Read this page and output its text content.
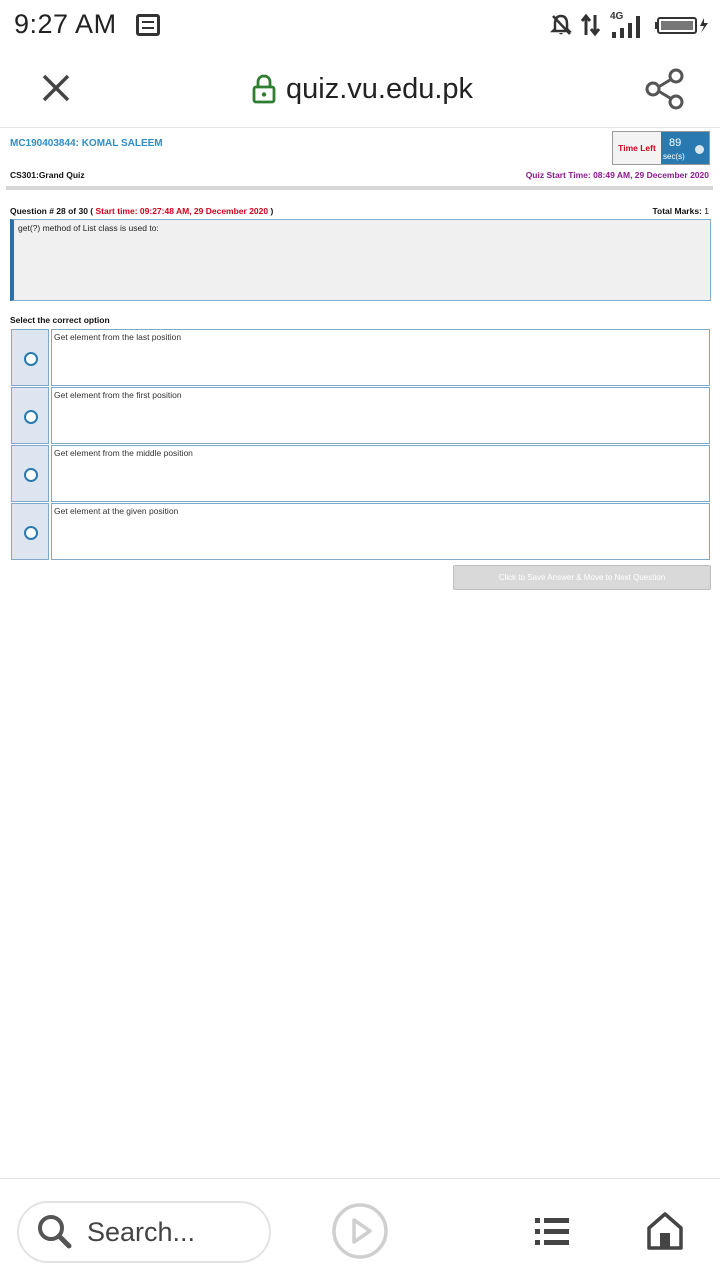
9:27 AM	4G
quiz.vu.edu.pk
MC190403844: KOMAL SALEEM	Time Left	89
sec(s)
CS301:Grand Quiz	Quiz Start Time: 08:49 AM, 29 December 2020
Question # 28 of 30 ( Start time: 09:27:48 AM, 29 December 2020 )	Total Marks: 1
get(?) method of List class is used to:
Select the correct option
Get element from the last position
Get element from the first position
Get element from the middle position
Get element at the given position
Click to Save Answer & Move to Next Question
Search...
